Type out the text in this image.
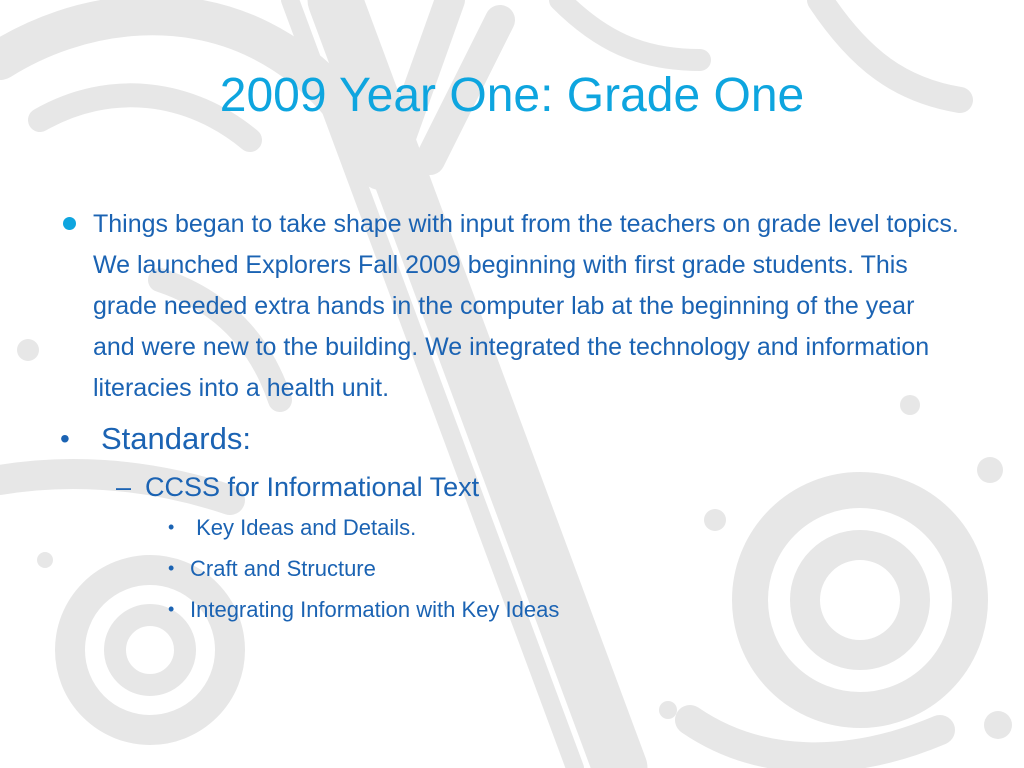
2009 Year One: Grade One

Things began to take shape with input from the teachers on grade level topics. We launched Explorers Fall 2009 beginning with first grade students. This grade needed extra hands in the computer lab at the beginning of the year and were new to the building. We integrated the technology and information literacies into a health unit.

• Standards:
– CCSS for Informational Text
• Key Ideas and Details.
• Craft and Structure
• Integrating Information with Key Ideas
